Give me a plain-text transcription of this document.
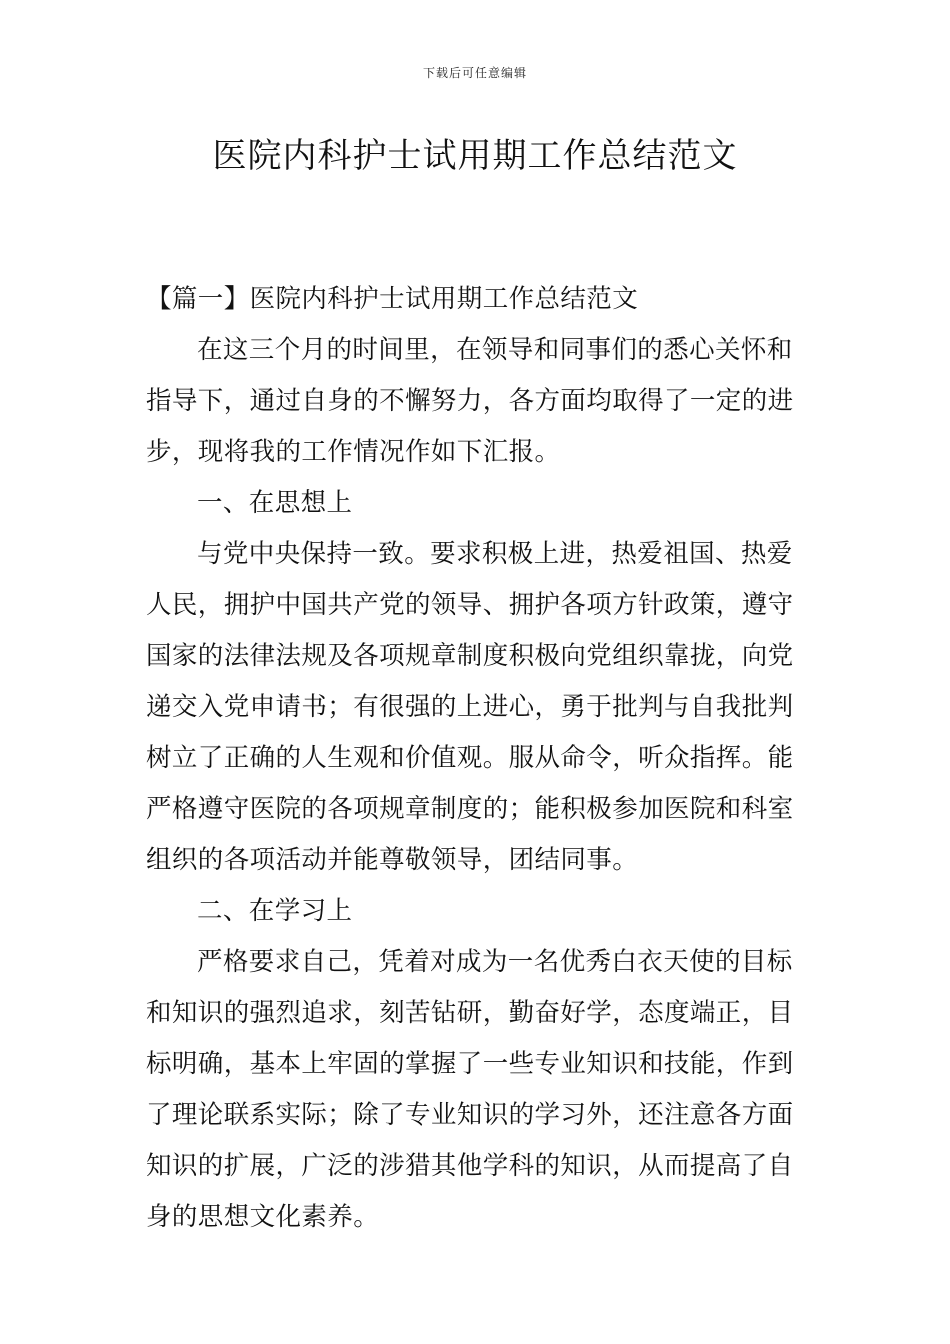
下载后可任意编辑
医院内科护士试用期工作总结范文
【篇一】医院内科护士试用期工作总结范文
在这三个月的时间里，在领导和同事们的悉心关怀和
指导下，通过自身的不懈努力，各方面均取得了一定的进
步，现将我的工作情况作如下汇报。
一、在思想上
与党中央保持一致。要求积极上进，热爱祖国、热爱
人民，拥护中国共产党的领导、拥护各项方针政策，遵守
国家的法律法规及各项规章制度积极向党组织靠拢，向党
递交入党申请书；有很强的上进心，勇于批判与自我批判
树立了正确的人生观和价值观。服从命令，听众指挥。能
严格遵守医院的各项规章制度的；能积极参加医院和科室
组织的各项活动并能尊敬领导，团结同事。
二、在学习上
严格要求自己，凭着对成为一名优秀白衣天使的目标
和知识的强烈追求，刻苦钻研，勤奋好学，态度端正，目
标明确，基本上牢固的掌握了一些专业知识和技能，作到
了理论联系实际；除了专业知识的学习外，还注意各方面
知识的扩展，广泛的涉猎其他学科的知识，从而提高了自
身的思想文化素养。
